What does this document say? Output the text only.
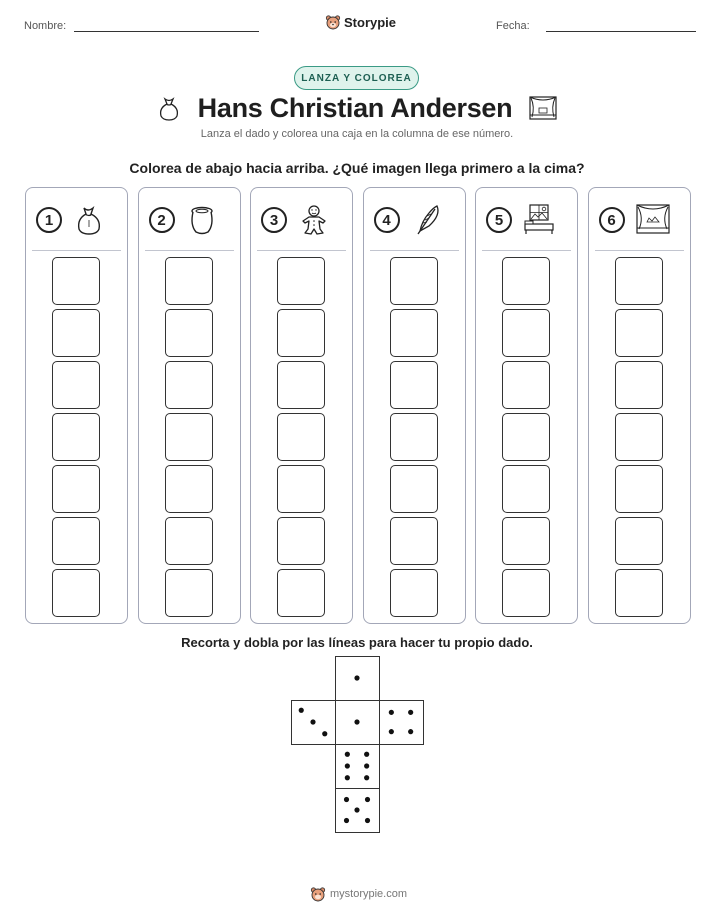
Nombre:	Storypie	Fecha:
LANZA Y COLOREA
Hans Christian Andersen
Lanza el dado y colorea una caja en la columna de ese número.
Colorea de abajo hacia arriba. ¿Qué imagen llega primero a la cima?
1	2	3	4	5	6
Recorta y dobla por las líneas para hacer tu propio dado.
mystorypie.com
